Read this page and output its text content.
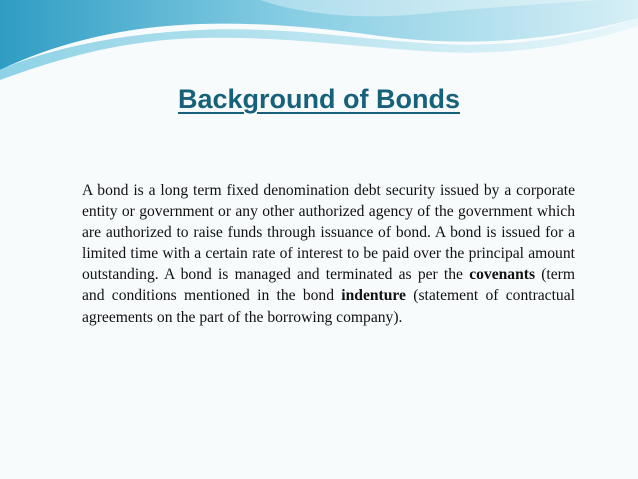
Background of Bonds

A bond is a long term fixed denomination debt security issued by a corporate entity or government or any other authorized agency of the government which are authorized to raise funds through issuance of bond. A bond is issued for a limited time with a certain rate of interest to be paid over the principal amount outstanding. A bond is managed and terminated as per the covenants (term and conditions mentioned in the bond indenture (statement of contractual agreements on the part of the borrowing company).
